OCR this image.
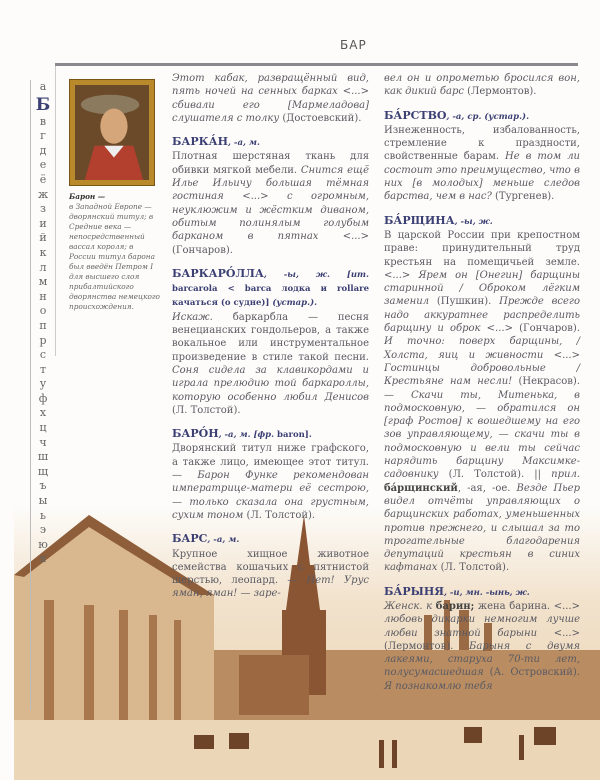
БАР
а
Б
в
г
д
е
ё
ж
з
и
й
к
л
м
н
о
п
р
с
т
у
ф
х
ц
ч
ш
щ
ъ
ы
ь
э
ю
я
Барон —
в Западной Европе — дворянский титул; в Средние века — непосредственный вассал короля; в России титул барона был введён Петром I для высшего слоя прибалтийского дворянства немецкого происхождения.
Этот кабак, развращённый вид, пять ночей на сенных барках <...> сбивали его [Мармеладова] слушателя с толку (Достоевский).
БАРКА́Н, -а, м.
Плотная шерстяная ткань для обивки мягкой мебели. Снится ещё Илье Ильичу большая тёмная гостиная <...> с огромным, неуклюжим и жёстким диваном, обитым полинялым голубым барканом в пятнах <...> (Гончаров).
БАРКАРО́ЛЛА, -ы, ж. [ит. barcarola < barca лодка и rollare качаться (о судне)] (устар.).
Искаж. баркарбла — песня венецианских гондольеров, а также вокальное или инструментальное произведение в стиле такой песни. Соня сидела за клавикордами и играла прелюдию той баркароллы, которую особенно любил Денисов (Л. Толстой).
БАРО́Н, -а, м. [фр. baron].
Дворянский титул ниже графского, а также лицо, имеющее этот титул. — Барон Функе рекомендован императрице-матери её сестрою, — только сказала она грустным, сухим тоном (Л. Толстой).
БАРС, -а, м.
Крупное хищное животное семейства кошачьих с пятнистой шерстью, леопард. — Нет! Урус яман, яман! — заре-
вел он и опрометью бросился вон, как дикий барс (Лермонтов).
БА́РСТВО, -а, ср. (устар.).
Изнеженность, избалованность, стремление к праздности, свойственные барам. Не в том ли состоит это преимущество, что в них [в молодых] меньше следов барства, чем в нас? (Тургенев).
БА́РЩИНА, -ы, ж.
В царской России при крепостном праве: принудительный труд крестьян на помещичьей земле. <...> Ярем он [Онегин] барщины старинной / Оброком лёгким заменил (Пушкин). Прежде всего надо аккуратнее распределить барщину и оброк <...> (Гончаров). И точно: поверх барщины, / Холста, яиц и живности <...> Гостинцы добровольные / Крестьяне нам несли! (Некрасов). — Скачи ты, Митенька, в подмосковную, — обратился он [граф Ростов] к вошедшему на его зов управляющему, — скачи ты в подмосковную и вели ты сейчас нарядить барщину Максимке-садовнику (Л. Толстой). || прил. ба́рщинский, -ая, -ое. Везде Пьер видел отчёты управляющих о барщинских работах, уменьшенных против прежнего, и слышал за то трогательные благодарения депутаций крестьян в синих кафтанах (Л. Толстой).
БА́РЫНЯ, -и, мн. -ынь, ж.
Женск. к барин; жена барина. <...> любовь дикарки немногим лучше любви знатной барыни <...> (Лермонтов). Барыня с двумя лакеями, старуха 70-ти лет, полусумасшедшая (А. Островский). Я познакомлю тебя
